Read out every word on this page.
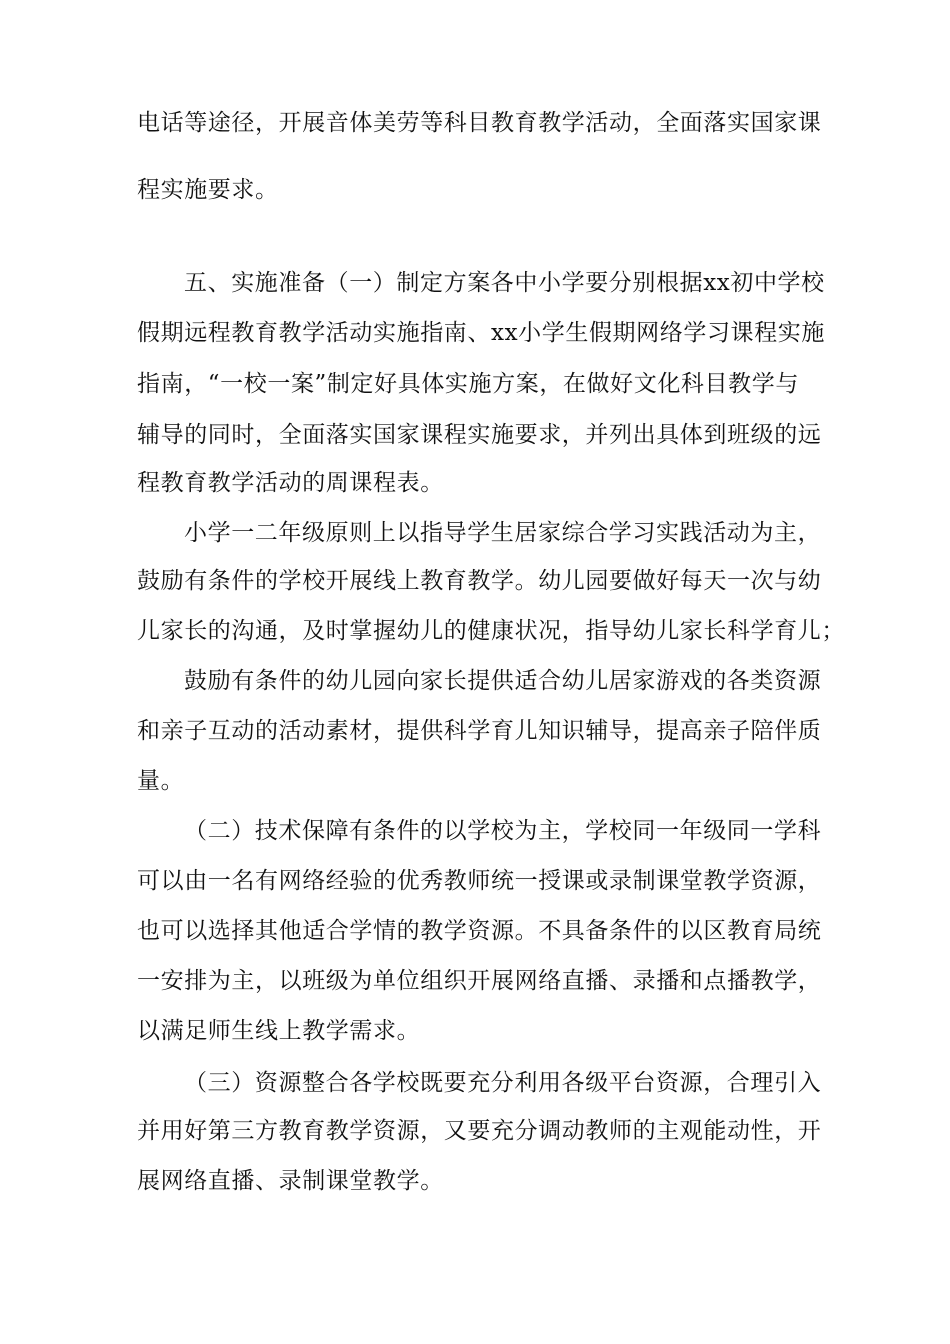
电话等途径，开展音体美劳等科目教育教学活动，全面落实国家课
程实施要求。
五、实施准备（一）制定方案各中小学要分别根据xx初中学校
假期远程教育教学活动实施指南、xx小学生假期网络学习课程实施
指南，“一校一案”制定好具体实施方案，在做好文化科目教学与
辅导的同时，全面落实国家课程实施要求，并列出具体到班级的远
程教育教学活动的周课程表。
小学一二年级原则上以指导学生居家综合学习实践活动为主，
鼓励有条件的学校开展线上教育教学。幼儿园要做好每天一次与幼
儿家长的沟通，及时掌握幼儿的健康状况，指导幼儿家长科学育儿；
鼓励有条件的幼儿园向家长提供适合幼儿居家游戏的各类资源
和亲子互动的活动素材，提供科学育儿知识辅导，提高亲子陪伴质
量。
（二）技术保障有条件的以学校为主，学校同一年级同一学科
可以由一名有网络经验的优秀教师统一授课或录制课堂教学资源，
也可以选择其他适合学情的教学资源。不具备条件的以区教育局统
一安排为主，以班级为单位组织开展网络直播、录播和点播教学，
以满足师生线上教学需求。
（三）资源整合各学校既要充分利用各级平台资源，合理引入
并用好第三方教育教学资源，又要充分调动教师的主观能动性，开
展网络直播、录制课堂教学。
